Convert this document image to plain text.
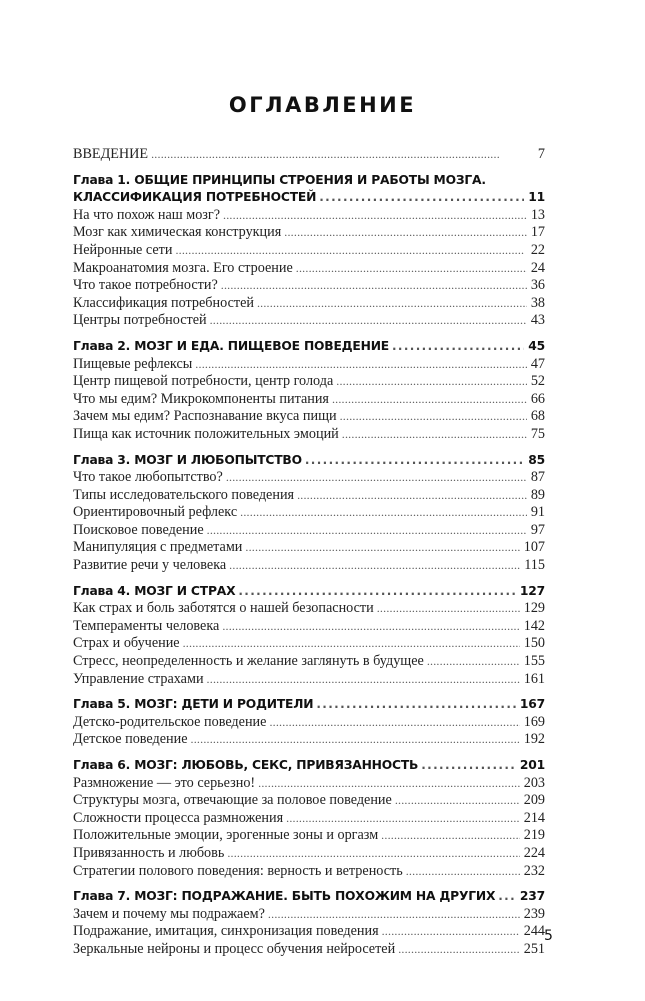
ОГЛАВЛЕНИЕ
ВВЕДЕНИЕ . . .	7
Глава 1. ОБЩИЕ ПРИНЦИПЫ СТРОЕНИЯ И РАБОТЫ МОЗГА.
КЛАССИФИКАЦИЯ ПОТРЕБНОСТЕЙ . . .	11
На что похож наш мозг? . . .	13
Мозг как химическая конструкция . . .	17
Нейронные сети . . .	22
Макроанатомия мозга. Его строение . . .	24
Что такое потребности? . . .	36
Классификация потребностей . . .	38
Центры потребностей . . .	43
Глава 2. МОЗГ И ЕДА. ПИЩЕВОЕ ПОВЕДЕНИЕ . . .	45
Пищевые рефлексы . . .	47
Центр пищевой потребности, центр голода . . .	52
Что мы едим? Микрокомпоненты питания . . .	66
Зачем мы едим? Распознавание вкуса пищи . . .	68
Пища как источник положительных эмоций . . .	75
Глава 3. МОЗГ И ЛЮБОПЫТСТВО . . .	85
Что такое любопытство? . . .	87
Типы исследовательского поведения . . .	89
Ориентировочный рефлекс . . .	91
Поисковое поведение . . .	97
Манипуляция с предметами . . .	107
Развитие речи у человека . . .	115
Глава 4. МОЗГ И СТРАХ . . .	127
Как страх и боль заботятся о нашей безопасности . . .	129
Темпераменты человека . . .	142
Страх и обучение . . .	150
Стресс, неопределенность и желание заглянуть в будущее . . .	155
Управление страхами . . .	161
Глава 5. МОЗГ: ДЕТИ И РОДИТЕЛИ . . .	167
Детско-родительское поведение . . .	169
Детское поведение . . .	192
Глава 6. МОЗГ: ЛЮБОВЬ, СЕКС, ПРИВЯЗАННОСТЬ . . .	201
Размножение — это серьезно! . . .	203
Структуры мозга, отвечающие за половое поведение . . .	209
Сложности процесса размножения . . .	214
Положительные эмоции, эрогенные зоны и оргазм . . .	219
Привязанность и любовь . . .	224
Стратегии полового поведения: верность и ветреность . . .	232
Глава 7. МОЗГ: ПОДРАЖАНИЕ. БЫТЬ ПОХОЖИМ НА ДРУГИХ . . . 237
Зачем и почему мы подражаем? . . .	239
Подражание, имитация, синхронизация поведения . . .	244
Зеркальные нейроны и процесс обучения нейросетей . . .	251
5
